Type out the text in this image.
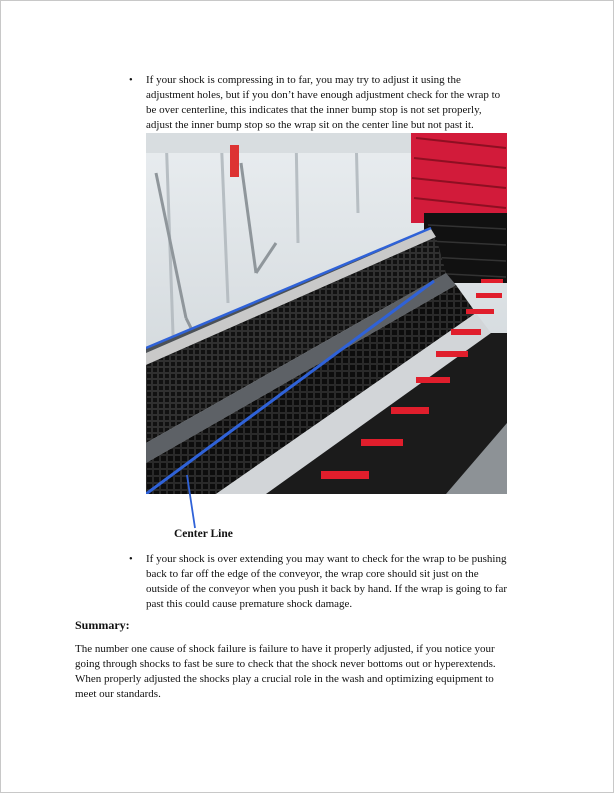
• If your shock is compressing in to far, you may try to adjust it using the

adjustment holes, but if you don’t have enough adjustment check for the wrap to

be over centerline, this indicates that the inner bump stop is not set properly,

adjust the inner bump stop so the wrap sit on the center line but not past it.

Center Line
• If your shock is over extending you may want to check for the wrap to be pushing

back to far off the edge of the conveyor, the wrap core should sit just on the

outside of the conveyor when you push it back by hand. If the wrap is going to far

past this could cause premature shock damage.

Summary:

The number one cause of shock failure is failure to have it properly adjusted, if you notice your

going through shocks to fast be sure to check that the shock never bottoms out or hyperextends.

When properly adjusted the shocks play a crucial role in the wash and optimizing equipment to

meet our standards.
